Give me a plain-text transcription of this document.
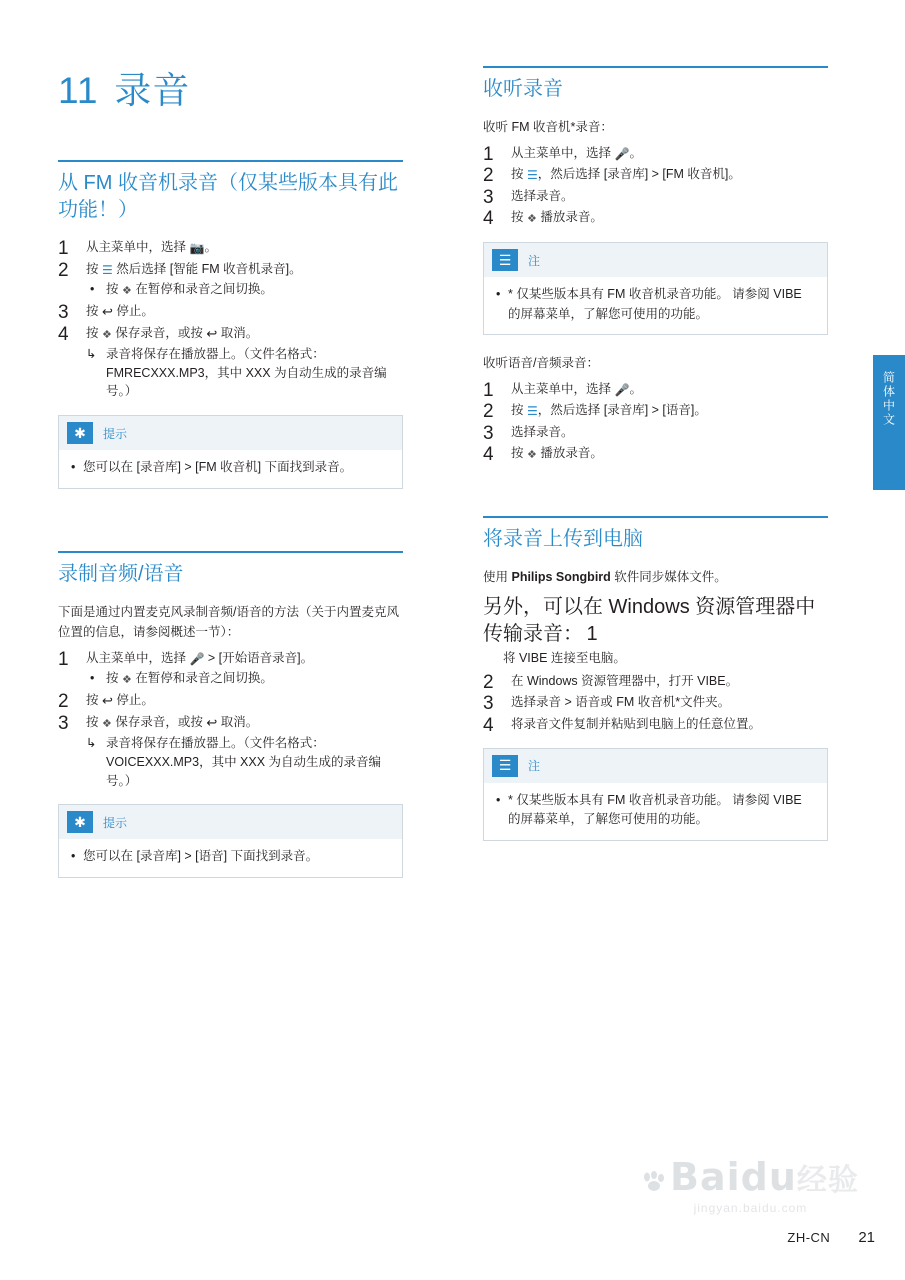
11 录音
从 FM 收音机录音（仅某些版本具有此功能！）
1 从主菜单中，选择 📷。
2 按 ☰ 然后选择 [智能 FM 收音机录音]。
• 按 ❖ 在暂停和录音之间切换。
3 按 ↩ 停止。
4 按 ❖ 保存录音，或按 ↩ 取消。
↳ 录音将保存在播放器上。（文件名格式：FMRECXXX.MP3，其中 XXX 为自动生成的录音编号。）
✱	提示
• 您可以在 [录音库] > [FM 收音机] 下面找到录音。
录制音频/语音

下面是通过内置麦克风录制音频/语音的方法（关于内置麦克风位置的信息，请参阅概述一节）：

1 从主菜单中，选择 🎤 > [开始语音录音]。
• 按 ❖ 在暂停和录音之间切换。
2 按 ↩ 停止。
3 按 ❖ 保存录音，或按 ↩ 取消。
↳ 录音将保存在播放器上。（文件名格式：VOICEXXX.MP3，其中 XXX 为自动生成的录音编号。）
✱	提示
• 您可以在 [录音库] > [语音] 下面找到录音。
收听录音

收听 FM 收音机*录音：

1 从主菜单中，选择 🎤。
2 按 ☰，然后选择 [录音库] > [FM 收音机]。
3 选择录音。
4 按 ❖ 播放录音。
☰	注
• * 仅某些版本具有 FM 收音机录音功能。 请参阅 VIBE 的屏幕菜单，了解您可使用的功能。

收听语音/音频录音：

1 从主菜单中，选择 🎤。
2 按 ☰，然后选择 [录音库] > [语音]。
3 选择录音。
4 按 ❖ 播放录音。
将录音上传到电脑

使用 Philips Songbird 软件同步媒体文件。

另外，可以在 Windows 资源管理器中传输录音： 1
将 VIBE 连接至电脑。
2 在 Windows 资源管理器中，打开 VIBE。
3 选择录音 > 语音或 FM 收音机*文件夹。
4 将录音文件复制并粘贴到电脑上的任意位置。
☰	注
• * 仅某些版本具有 FM 收音机录音功能。 请参阅 VIBE 的屏幕菜单，了解您可使用的功能。
简体中文
Baidu经验
jingyan.baidu.com
ZH-CN 21
